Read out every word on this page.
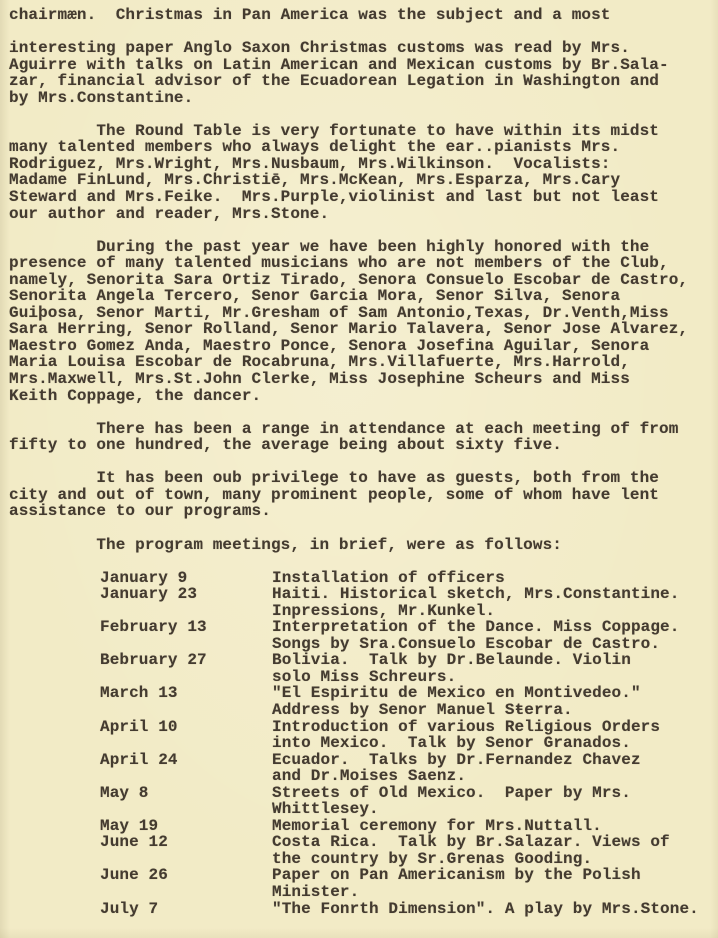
chairmæn.  Christmas in Pan America was the subject and a most
interesting paper Anglo Saxon Christmas customs was read by Mrs.
Aguirre with talks on Latin American and Mexican customs by Br.Sala-
zar, financial advisor of the Ecuadorean Legation in Washington and
by Mrs.Constantine.
The Round Table is very fortunate to have within its midst
many talented members who always delight the ear..pianists Mrs.
Rodriguez, Mrs.Wright, Mrs.Nusbaum, Mrs.Wilkinson.  Vocalists:
Madame FinLund, Mrs.Christiē, Mrs.McKean, Mrs.Esparza, Mrs.Cary
Steward and Mrs.Feike.  Mrs.Purple,violinist and last but not least
our author and reader, Mrs.Stone.
During the past year we have been highly honored with the
presence of many talented musicians who are not members of the Club,
namely, Senorita Sara Ortiz Tirado, Senora Consuelo Escobar de Castro,
Senorita Angela Tercero, Senor Garcia Mora, Senor Silva, Senora
Guiþosa, Senor Marti, Mr.Gresham of Sam Antonio,Texas, Dr.Venth,Miss
Sara Herring, Senor Rolland, Senor Mario Talavera, Senor Jose Alvarez,
Maestro Gomez Anda, Maestro Ponce, Senora Josefina Aguilar, Senora
Maria Louisa Escobar de Rocabruna, Mrs.Villafuerte, Mrs.Harrold,
Mrs.Maxwell, Mrs.St.John Clerke, Miss Josephine Scheurs and Miss
Keith Coppage, the dancer.
There has been a range in attendance at each meeting of from
fifty to one hundred, the average being about sixty five.
It has been oub privilege to have as guests, both from the
city and out of town, many prominent people, some of whom have lent
assistance to our programs.
The program meetings, in brief, were as follows:
January 9	Installation of officers
January 23	Haiti. Historical sketch, Mrs.Constantine.
Inpressions, Mr.Kunkel.
February 13	Interpretation of the Dance. Miss Coppage.
Songs by Sra.Consuelo Escobar de Castro.
Bebruary 27	Bolivia.  Talk by Dr.Belaunde. Violin
solo Miss Schreurs.
March 13	"El Espiritu de Mexico en Montivedeo."
Address by Senor Manuel Sŧerra.
April 10	Introduction of various Religious Orders
into Mexico.  Talk by Senor Granados.
April 24	Ecuador.  Talks by Dr.Fernandez Chavez
and Dr.Moises Saenz.
May 8	Streets of Old Mexico.  Paper by Mrs.
Whittlesey.
May 19	Memorial ceremony for Mrs.Nuttall.
June 12	Costa Rica.  Talk by Br.Salazar. Views of
the country by Sr.Grenas Gooding.
June 26	Paper on Pan Americanism by the Polish
Minister.
July 7	"The Fonrth Dimension". A play by Mrs.Stone.
